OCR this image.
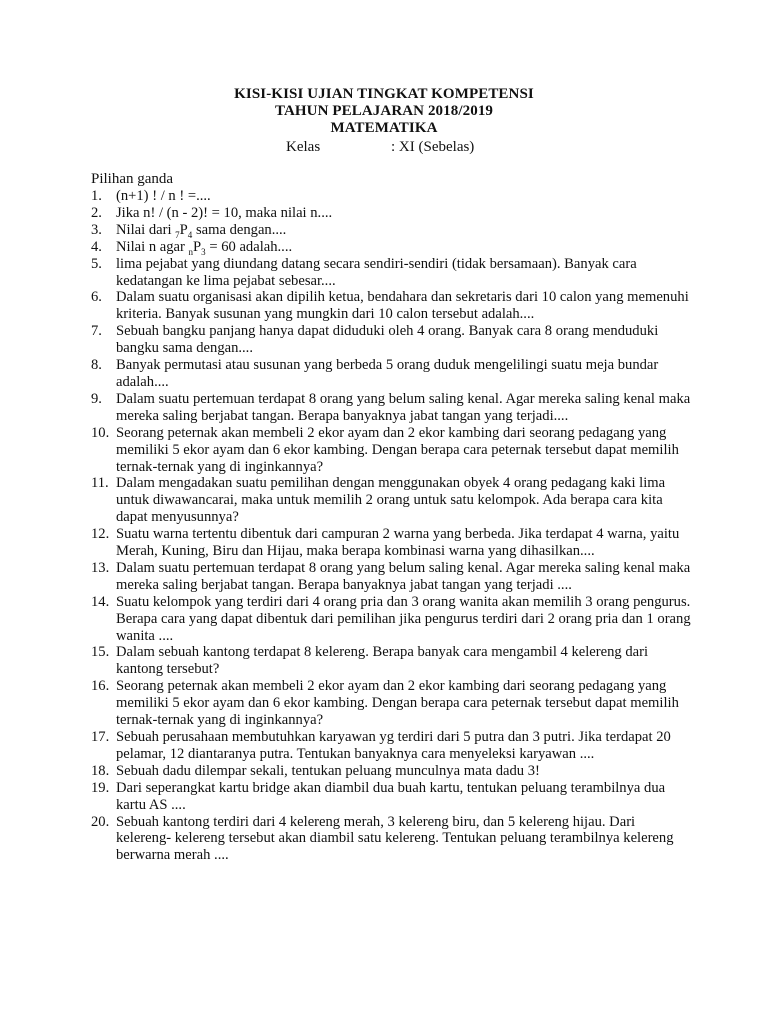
KISI-KISI UJIAN TINGKAT KOMPETENSI
TAHUN PELAJARAN 2018/2019
MATEMATIKA
Kelas	: XI (Sebelas)
Pilihan ganda
1. (n+1) ! / n ! =....
2. Jika n! / (n - 2)! = 10, maka nilai n....
3. Nilai dari $_7P_4$ sama dengan....
4. Nilai n agar $_nP_3 = 60$ adalah....
5. lima pejabat yang diundang datang secara sendiri-sendiri (tidak bersamaan). Banyak cara kedatangan ke lima pejabat sebesar....
6. Dalam suatu organisasi akan dipilih ketua, bendahara dan sekretaris dari 10 calon yang memenuhi kriteria. Banyak susunan yang mungkin dari 10 calon tersebut adalah....
7. Sebuah bangku panjang hanya dapat diduduki oleh 4 orang. Banyak cara 8 orang menduduki bangku sama dengan....
8. Banyak permutasi atau susunan yang berbeda 5 orang duduk mengelilingi suatu meja bundar adalah....
9. Dalam suatu pertemuan terdapat 8 orang yang belum saling kenal. Agar mereka saling kenal maka mereka saling berjabat tangan. Berapa banyaknya jabat tangan yang terjadi....
10. Seorang peternak akan membeli 2 ekor ayam dan 2 ekor kambing dari seorang pedagang yang memiliki 5 ekor ayam dan 6 ekor kambing. Dengan berapa cara peternak tersebut dapat memilih ternak-ternak yang di inginkannya?
11. Dalam mengadakan suatu pemilihan dengan menggunakan obyek 4 orang pedagang kaki lima untuk diwawancarai, maka untuk memilih 2 orang untuk satu kelompok. Ada berapa cara kita dapat menyusunnya?
12. Suatu warna tertentu dibentuk dari campuran 2 warna yang berbeda. Jika terdapat 4 warna, yaitu Merah, Kuning, Biru dan Hijau, maka berapa kombinasi warna yang dihasilkan....
13. Dalam suatu pertemuan terdapat 8 orang yang belum saling kenal. Agar mereka saling kenal maka mereka saling berjabat tangan. Berapa banyaknya jabat tangan yang terjadi ....
14. Suatu kelompok yang terdiri dari 4 orang pria dan 3 orang wanita akan memilih 3 orang pengurus. Berapa cara yang dapat dibentuk dari pemilihan jika pengurus terdiri dari 2 orang pria dan 1 orang wanita ....
15. Dalam sebuah kantong terdapat 8 kelereng. Berapa banyak cara mengambil 4 kelereng dari kantong tersebut?
16. Seorang peternak akan membeli 2 ekor ayam dan 2 ekor kambing dari seorang pedagang yang memiliki 5 ekor ayam dan 6 ekor kambing. Dengan berapa cara peternak tersebut dapat memilih ternak-ternak yang di inginkannya?
17. Sebuah perusahaan membutuhkan karyawan yg terdiri dari 5 putra dan 3 putri. Jika terdapat 20 pelamar, 12 diantaranya putra. Tentukan banyaknya cara menyeleksi karyawan ....
18. Sebuah dadu dilempar sekali, tentukan peluang munculnya mata dadu 3!
19. Dari seperangkat kartu bridge akan diambil dua buah kartu, tentukan peluang terambilnya dua kartu AS ....
20. Sebuah kantong terdiri dari 4 kelereng merah, 3 kelereng biru, dan 5 kelereng hijau. Dari kelereng- kelereng tersebut akan diambil satu kelereng. Tentukan peluang terambilnya kelereng berwarna merah ....
